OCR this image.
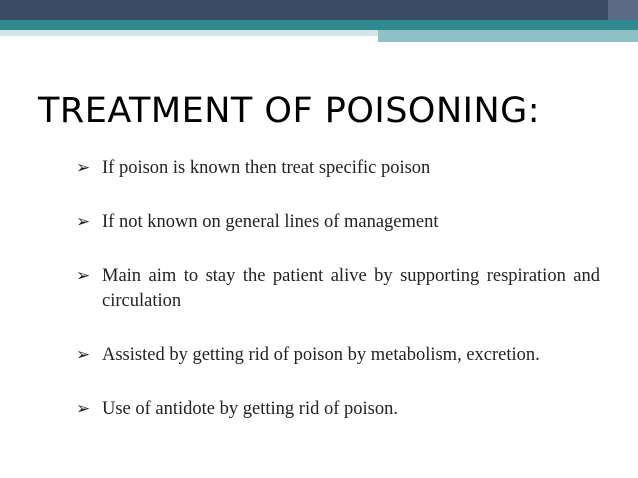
TREATMENT OF POISONING:
➢ If poison is known then treat specific poison
➢ If not known on general lines of management
➢ Main aim to stay the patient alive by supporting respiration and circulation
➢ Assisted by getting rid of poison by metabolism, excretion.
➢ Use of antidote by getting rid of poison.
